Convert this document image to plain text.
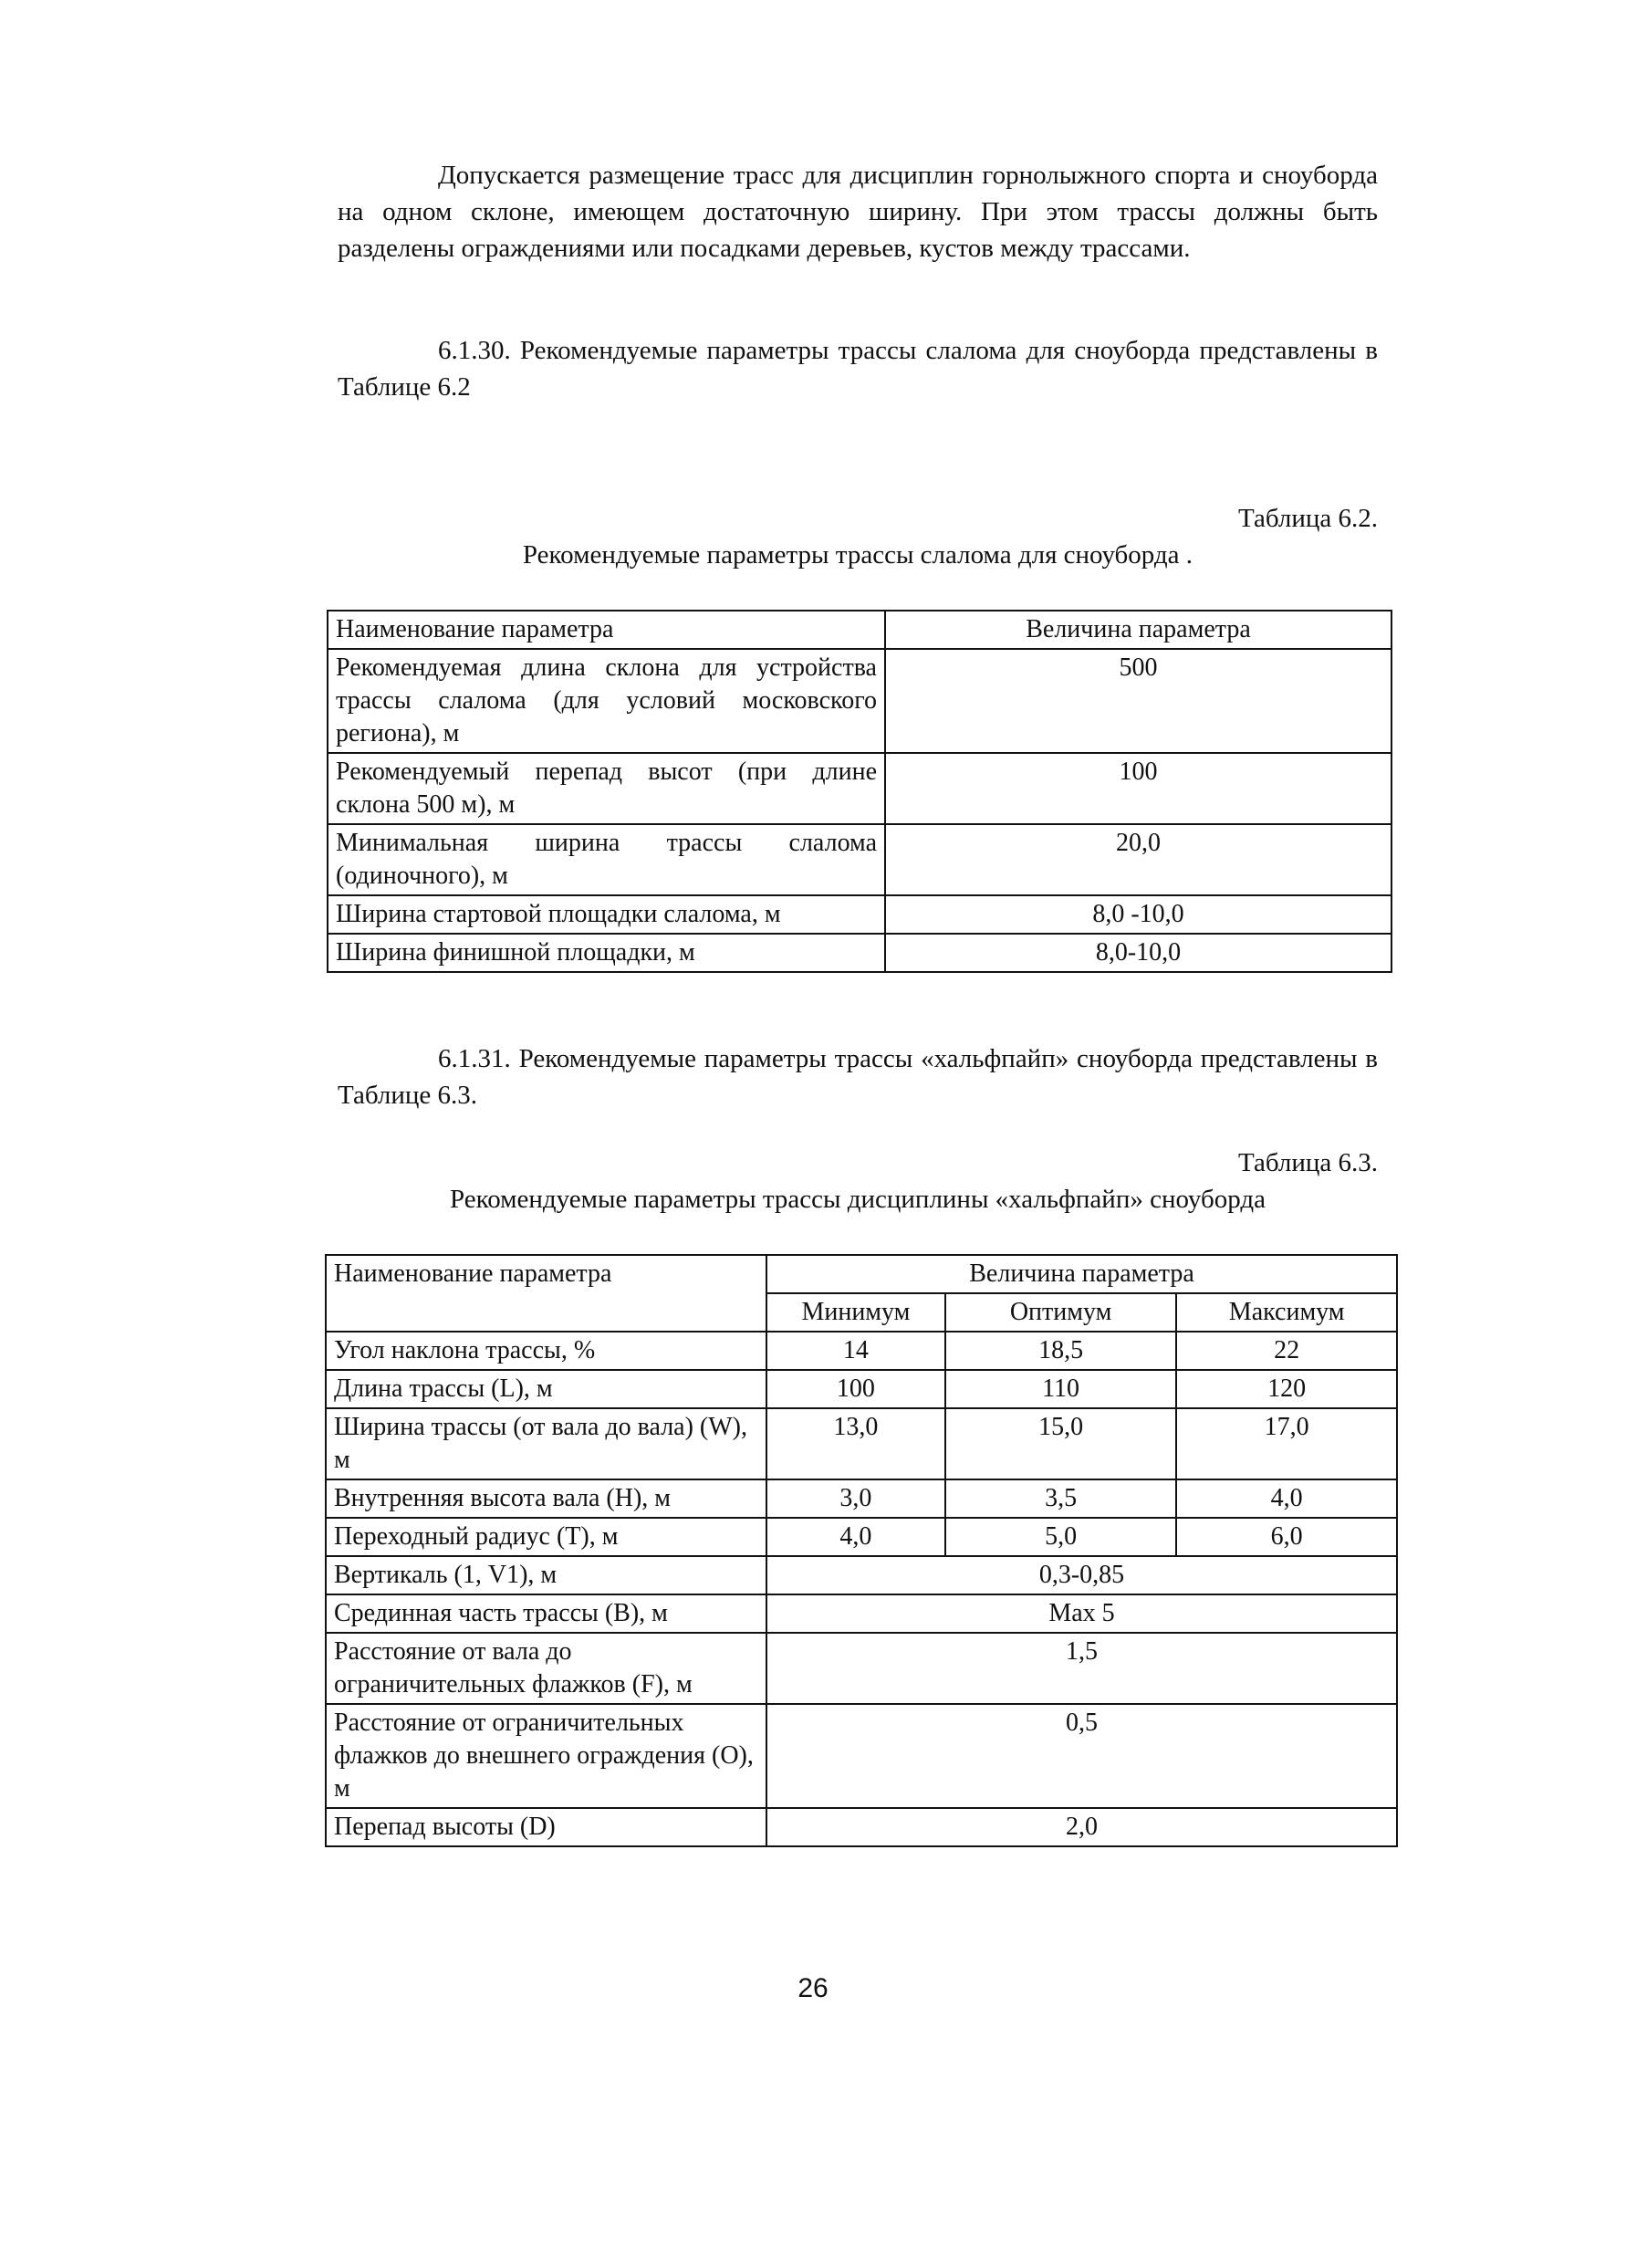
Допускается размещение трасс для дисциплин горнолыжного спорта и сноуборда на одном склоне, имеющем достаточную ширину. При этом трассы должны быть разделены ограждениями или посадками деревьев, кустов между трассами.

6.1.30. Рекомендуемые параметры трассы слалома для сноуборда представлены в Таблице 6.2

Таблица 6.2.
Рекомендуемые параметры трассы слалома для сноуборда .
Наименование параметра	Величина параметра
Рекомендуемая длина склона для устройства трассы слалома (для условий московского региона), м	500
Рекомендуемый перепад высот (при длине склона 500 м), м	100
Минимальная ширина трассы слалома (одиночного), м	20,0
Ширина стартовой площадки слалома, м	8,0 -10,0
Ширина финишной площадки, м	8,0-10,0

6.1.31. Рекомендуемые параметры трассы «хальфпайп» сноуборда представлены в Таблице 6.3.

Таблица 6.3.
Рекомендуемые параметры трассы дисциплины «хальфпайп» сноуборда
Наименование параметра	Величина параметра		
	Минимум	Оптимум	Максимум
Угол наклона трассы, %	14	18,5	22
Длина трассы (L), м	100	110	120
Ширина трассы (от вала до вала) (W), м	13,0	15,0	17,0
Внутренняя высота вала (H), м	3,0	3,5	4,0
Переходный радиус (T), м	4,0	5,0	6,0
Вертикаль (1, V1), м	0,3-0,85		
Срединная часть трассы (B), м	Max 5		
Расстояние от вала до ограничительных флажков (F), м	1,5		
Расстояние от ограничительных флажков до внешнего ограждения (O), м	0,5		
Перепад высоты (D)	2,0		
26
